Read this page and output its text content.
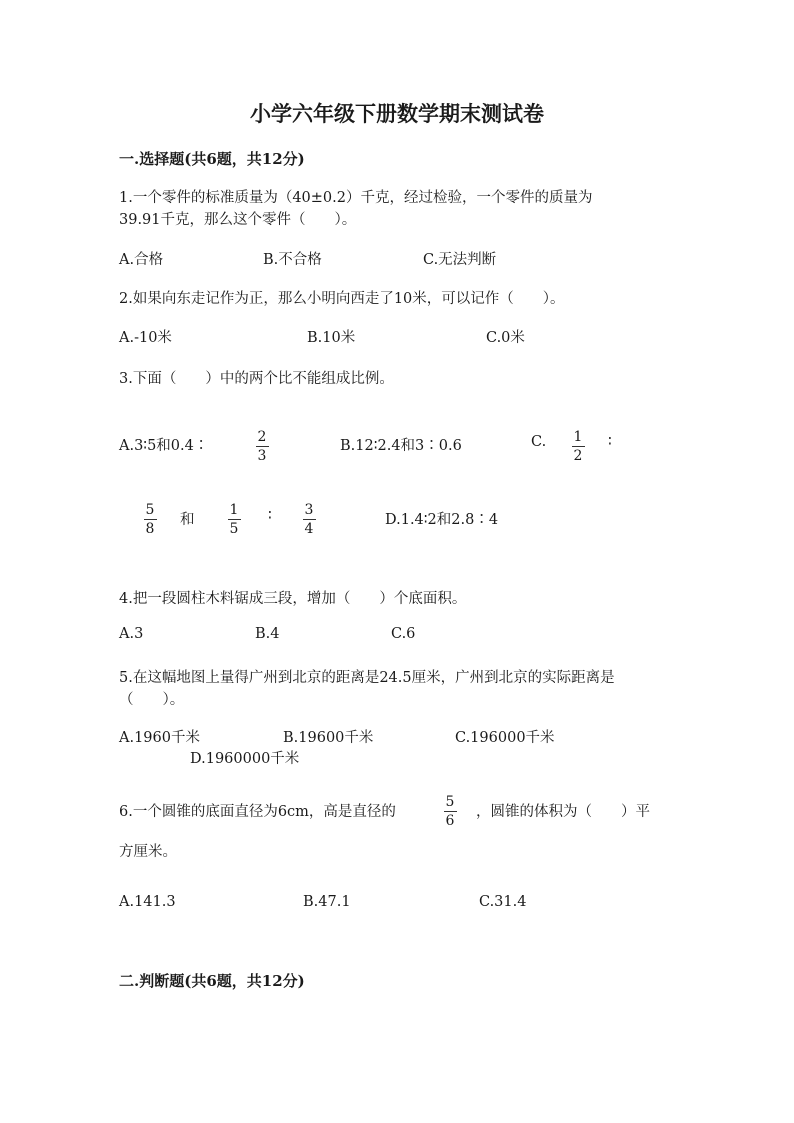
小学六年级下册数学期末测试卷
一.选择题(共6题，共12分)
1.一个零件的标准质量为（40±0.2）千克，经过检验，一个零件的质量为
39.91千克，那么这个零件（　　）。
A.合格	B.不合格	C.无法判断
2.如果向东走记作为正，那么小明向西走了10米，可以记作（　　）。
A.-10米	B.10米	C.0米
3.下面（　　）中的两个比不能组成比例。
A.3∶5和0.4∶
2
3
B.12∶2.4和3∶0.6	C. 1
2
∶
5
8
和
1
5
∶ 3
4
D.1.4∶2和2.8∶4
4.把一段圆柱木料锯成三段，增加（　　）个底面积。
A.3	B.4	C.6
5.在这幅地图上量得广州到北京的距离是24.5厘米，广州到北京的实际距离是
（　　）。
A.1960千米	B.19600千米	C.196000千米
D.1960000千米
6.一个圆锥的底面直径为6cm，高是直径的
5
6
，圆锥的体积为（　　）平
方厘米。
A.141.3	B.47.1	C.31.4
二.判断题(共6题，共12分)
